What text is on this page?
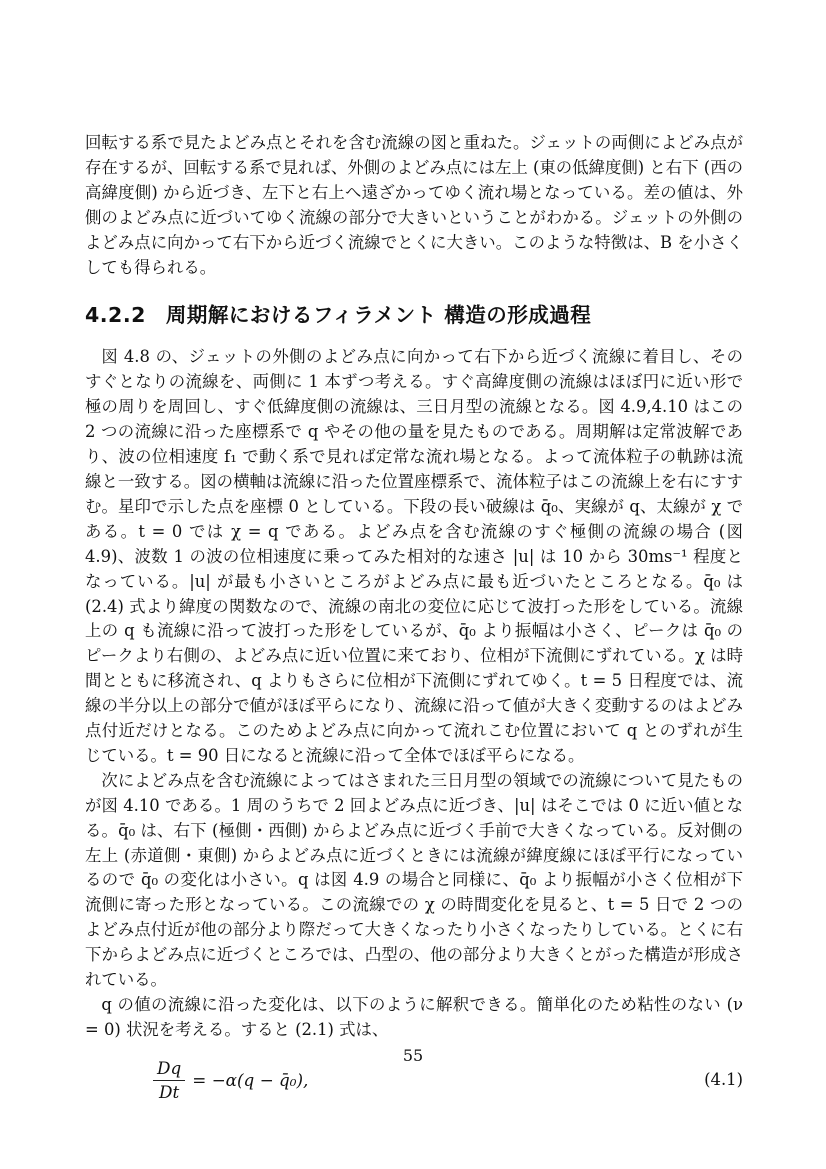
回転する系で見たよどみ点とそれを含む流線の図と重ねた。ジェットの両側によどみ点が存在するが、回転する系で見れば、外側のよどみ点には左上 (東の低緯度側) と右下 (西の高緯度側) から近づき、左下と右上へ遠ざかってゆく流れ場となっている。差の値は、外側のよどみ点に近づいてゆく流線の部分で大きいということがわかる。ジェットの外側のよどみ点に向かって右下から近づく流線でとくに大きい。このような特徴は、B を小さくしても得られる。

4.2.2 周期解におけるフィラメント 構造の形成過程

図 4.8 の、ジェットの外側のよどみ点に向かって右下から近づく流線に着目し、そのすぐとなりの流線を、両側に 1 本ずつ考える。すぐ高緯度側の流線はほぼ円に近い形で極の周りを周回し、すぐ低緯度側の流線は、三日月型の流線となる。図 4.9,4.10 はこの 2 つの流線に沿った座標系で q やその他の量を見たものである。周期解は定常波解であり、波の位相速度 f₁ で動く系で見れば定常な流れ場となる。よって流体粒子の軌跡は流線と一致する。図の横軸は流線に沿った位置座標系で、流体粒子はこの流線上を右にすすむ。星印で示した点を座標 0 としている。下段の長い破線は q̄₀、実線が q、太線が χ である。t = 0 では χ = q である。よどみ点を含む流線のすぐ極側の流線の場合 (図 4.9)、波数 1 の波の位相速度に乗ってみた相対的な速さ |u| は 10 から 30ms⁻¹ 程度となっている。|u| が最も小さいところがよどみ点に最も近づいたところとなる。q̄₀ は (2.4) 式より緯度の関数なので、流線の南北の変位に応じて波打った形をしている。流線上の q も流線に沿って波打った形をしているが、q̄₀ より振幅は小さく、ピークは q̄₀ のピークより右側の、よどみ点に近い位置に来ており、位相が下流側にずれている。χ は時間とともに移流され、q よりもさらに位相が下流側にずれてゆく。t = 5 日程度では、流線の半分以上の部分で値がほぼ平らになり、流線に沿って値が大きく変動するのはよどみ点付近だけとなる。このためよどみ点に向かって流れこむ位置において q とのずれが生じている。t = 90 日になると流線に沿って全体でほぼ平らになる。

次によどみ点を含む流線によってはさまれた三日月型の領域での流線について見たものが図 4.10 である。1 周のうちで 2 回よどみ点に近づき、|u| はそこでは 0 に近い値となる。q̄₀ は、右下 (極側・西側) からよどみ点に近づく手前で大きくなっている。反対側の左上 (赤道側・東側) からよどみ点に近づくときには流線が緯度線にほぼ平行になっているので q̄₀ の変化は小さい。q は図 4.9 の場合と同様に、q̄₀ より振幅が小さく位相が下流側に寄った形となっている。この流線での χ の時間変化を見ると、t = 5 日で 2 つのよどみ点付近が他の部分より際だって大きくなったり小さくなったりしている。とくに右下からよどみ点に近づくところでは、凸型の、他の部分より大きくとがった構造が形成されている。

q の値の流線に沿った変化は、以下のように解釈できる。簡単化のため粘性のない (ν = 0) 状況を考える。すると (2.1) 式は、

$\frac{Dq}{Dt} = -\alpha(q$ − q̄₀),	(4.1)
55
